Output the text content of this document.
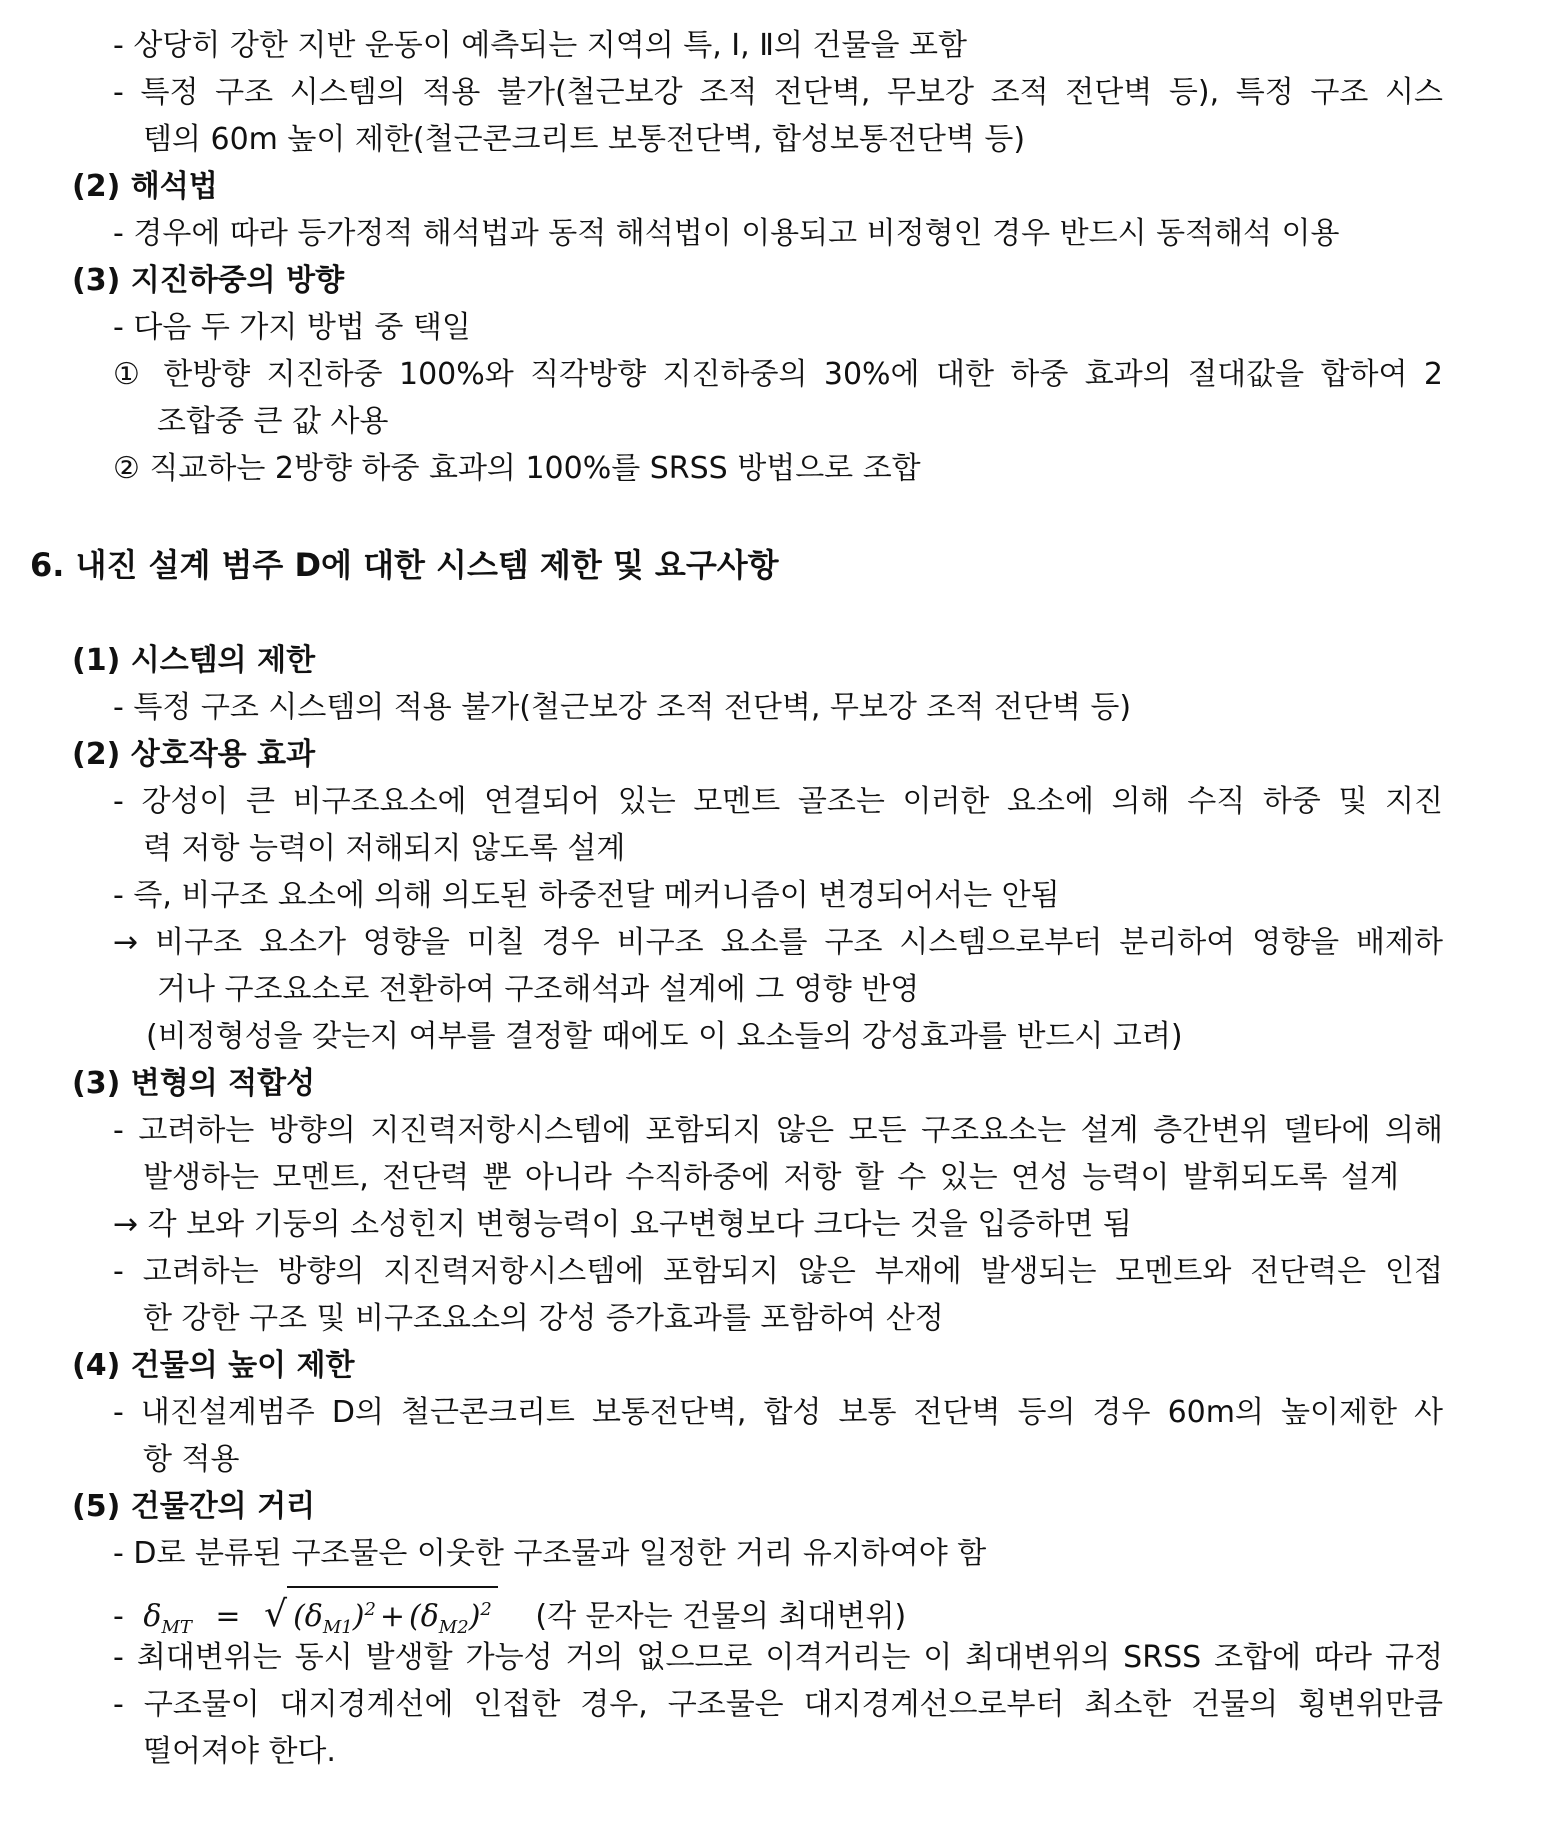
- 상당히 강한 지반 운동이 예측되는 지역의 특, Ⅰ, Ⅱ의 건물을 포함
- 특정 구조 시스템의 적용 불가(철근보강 조적 전단벽, 무보강 조적 전단벽 등), 특정 구조 시스
템의 60m 높이 제한(철근콘크리트 보통전단벽, 합성보통전단벽 등)
(2) 해석법
- 경우에 따라 등가정적 해석법과 동적 해석법이 이용되고 비정형인 경우 반드시 동적해석 이용
(3) 지진하중의 방향
- 다음 두 가지 방법 중 택일
① 한방향 지진하중 100%와 직각방향 지진하중의 30%에 대한 하중 효과의 절대값을 합하여 2
조합중 큰 값 사용
② 직교하는 2방향 하중 효과의 100%를 SRSS 방법으로 조합
6. 내진 설계 범주 D에 대한 시스템 제한 및 요구사항
(1) 시스템의 제한
- 특정 구조 시스템의 적용 불가(철근보강 조적 전단벽, 무보강 조적 전단벽 등)
(2) 상호작용 효과
- 강성이 큰 비구조요소에 연결되어 있는 모멘트 골조는 이러한 요소에 의해 수직 하중 및 지진
력 저항 능력이 저해되지 않도록 설계
- 즉, 비구조 요소에 의해 의도된 하중전달 메커니즘이 변경되어서는 안됨
→ 비구조 요소가 영향을 미칠 경우 비구조 요소를 구조 시스템으로부터 분리하여 영향을 배제하
거나 구조요소로 전환하여 구조해석과 설계에 그 영향 반영
(비정형성을 갖는지 여부를 결정할 때에도 이 요소들의 강성효과를 반드시 고려)
(3) 변형의 적합성
- 고려하는 방향의 지진력저항시스템에 포함되지 않은 모든 구조요소는 설계 층간변위 델타에 의해
발생하는 모멘트, 전단력 뿐 아니라 수직하중에 저항 할 수 있는 연성 능력이 발휘되도록 설계
→ 각 보와 기둥의 소성힌지 변형능력이 요구변형보다 크다는 것을 입증하면 됨
- 고려하는 방향의 지진력저항시스템에 포함되지 않은 부재에 발생되는 모멘트와 전단력은 인접
한 강한 구조 및 비구조요소의 강성 증가효과를 포함하여 산정
(4) 건물의 높이 제한
- 내진설계범주 D의 철근콘크리트 보통전단벽, 합성 보통 전단벽 등의 경우 60m의 높이제한 사
항 적용
(5) 건물간의 거리
- D로 분류된 구조물은 이웃한 구조물과 일정한 거리 유지하여야 함
- $\delta_{MT}$ = √ $(\delta_{M1})^2 + (\delta_{M2})^2$ (각 문자는 건물의 최대변위)
- 최대변위는 동시 발생할 가능성 거의 없으므로 이격거리는 이 최대변위의 SRSS 조합에 따라 규정
- 구조물이 대지경계선에 인접한 경우, 구조물은 대지경계선으로부터 최소한 건물의 횡변위만큼
떨어져야 한다.
